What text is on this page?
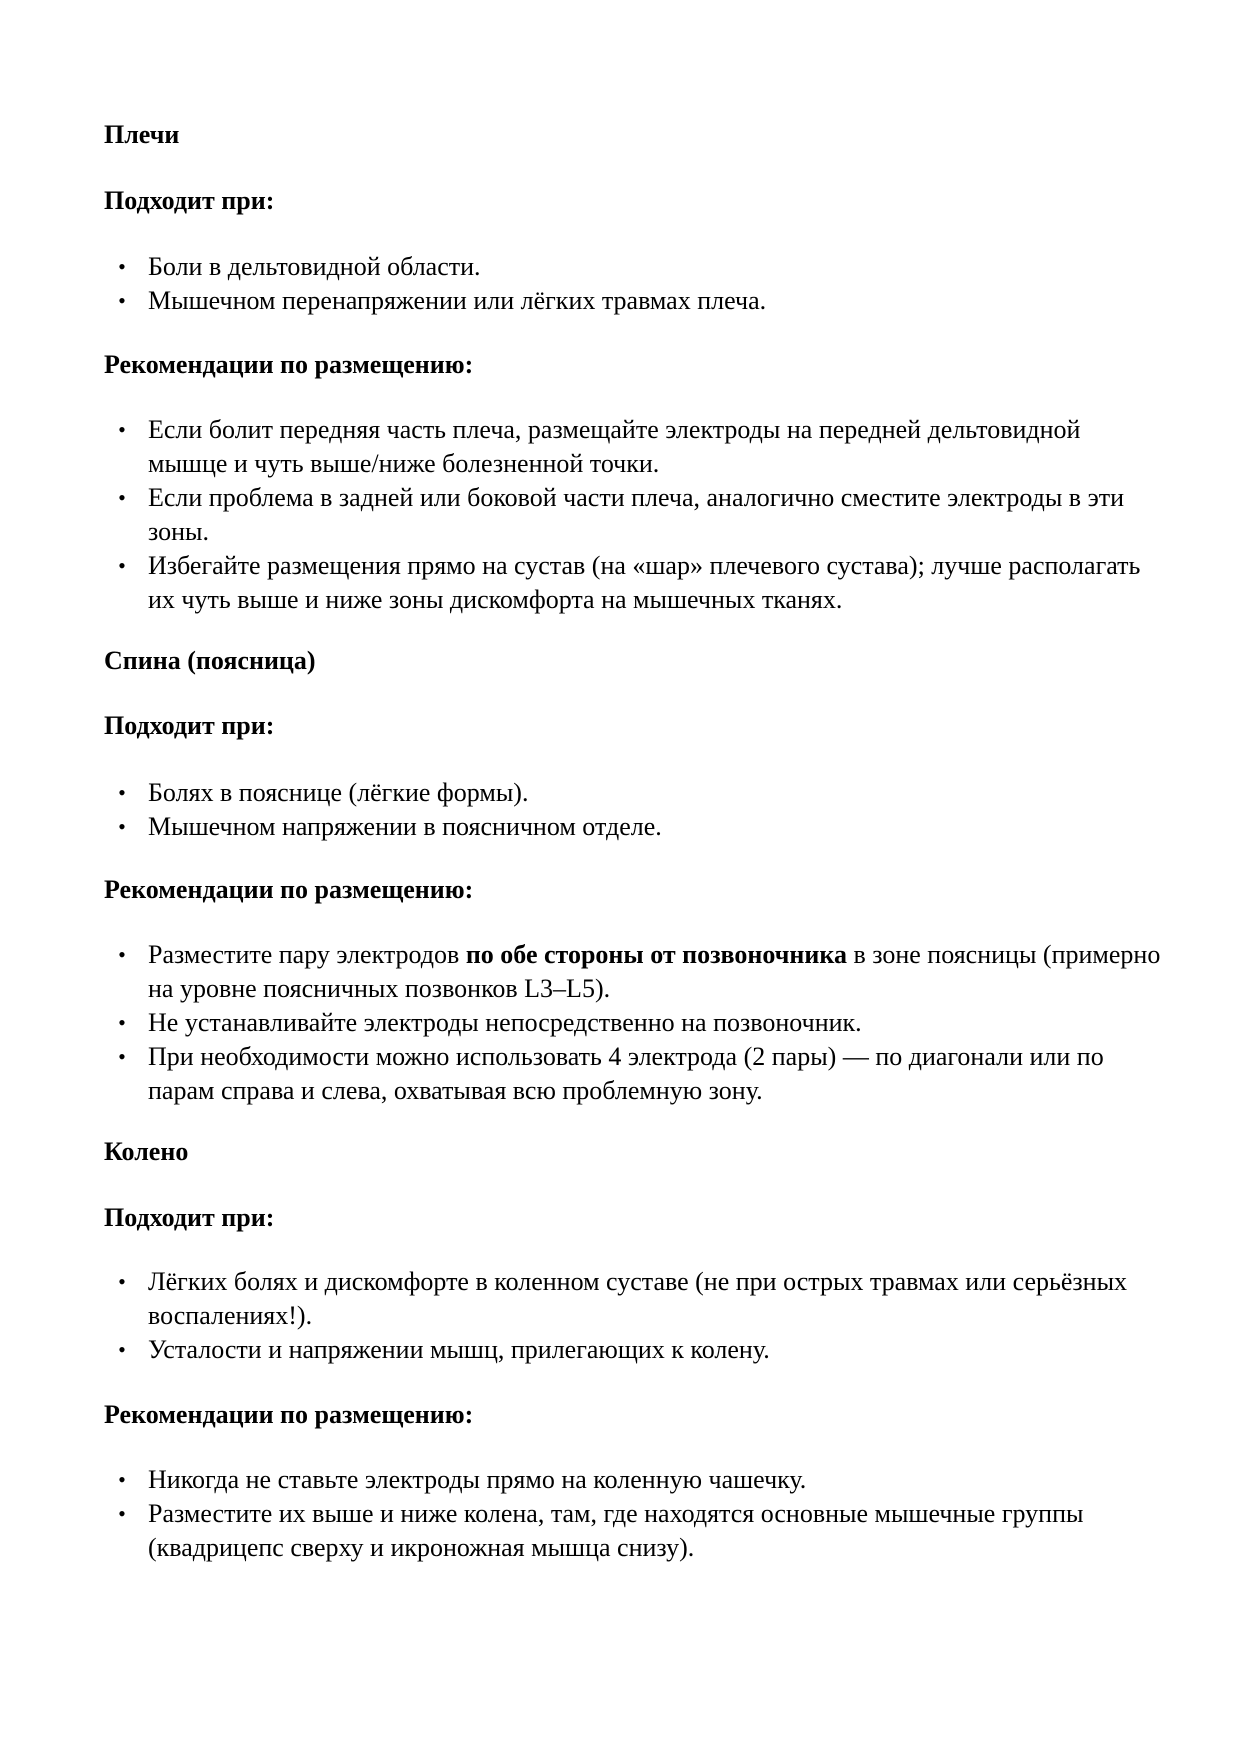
Плечи
Подходит при:
• Боли в дельтовидной области.
• Мышечном перенапряжении или лёгких травмах плеча.
Рекомендации по размещению:
• Если болит передняя часть плеча, размещайте электроды на передней дельтовидной мышце и чуть выше/ниже болезненной точки.
• Если проблема в задней или боковой части плеча, аналогично сместите электроды в эти зоны.
• Избегайте размещения прямо на сустав (на «шар» плечевого сустава); лучше располагать их чуть выше и ниже зоны дискомфорта на мышечных тканях.
Спина (поясница)
Подходит при:
• Болях в пояснице (лёгкие формы).
• Мышечном напряжении в поясничном отделе.
Рекомендации по размещению:
• Разместите пару электродов по обе стороны от позвоночника в зоне поясницы (примерно на уровне поясничных позвонков L3–L5).
• Не устанавливайте электроды непосредственно на позвоночник.
• При необходимости можно использовать 4 электрода (2 пары) — по диагонали или по парам справа и слева, охватывая всю проблемную зону.
Колено
Подходит при:
• Лёгких болях и дискомфорте в коленном суставе (не при острых травмах или серьёзных воспалениях!).
• Усталости и напряжении мышц, прилегающих к колену.
Рекомендации по размещению:
• Никогда не ставьте электроды прямо на коленную чашечку.
• Разместите их выше и ниже колена, там, где находятся основные мышечные группы (квадрицепс сверху и икроножная мышца снизу).
